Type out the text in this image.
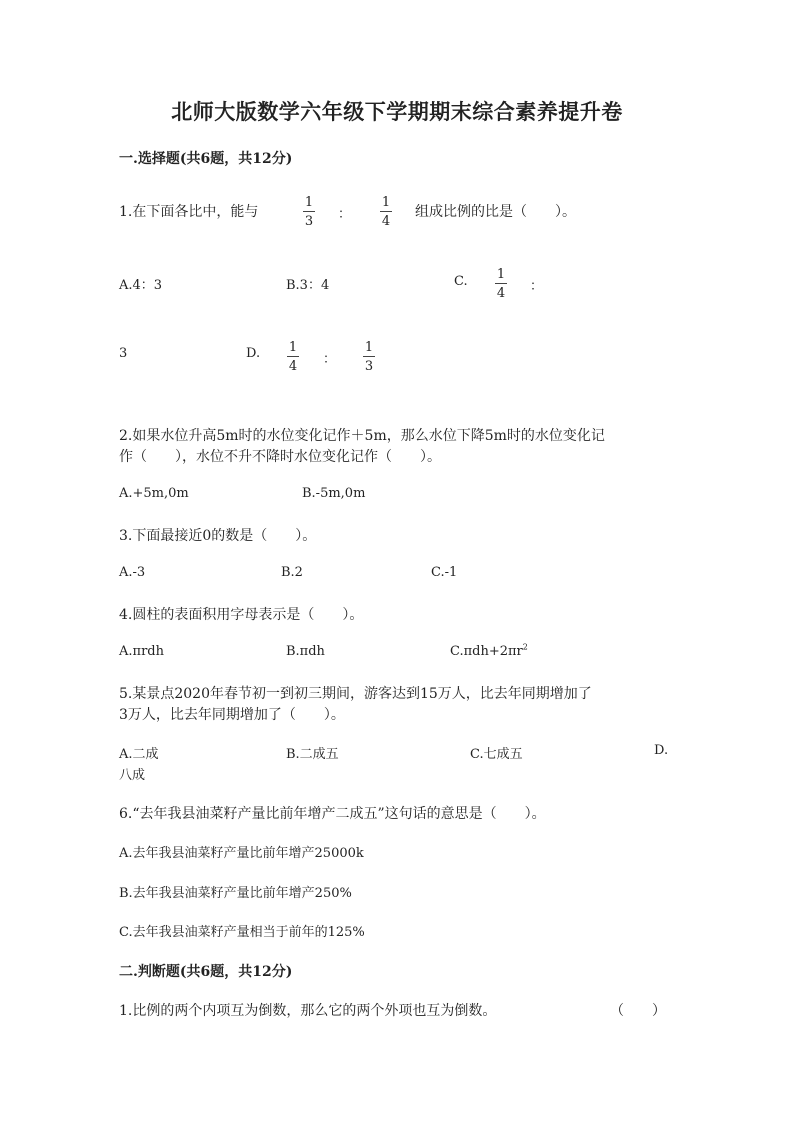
北师大版数学六年级下学期期末综合素养提升卷
一.选择题(共6题，共12分)
1.在下面各比中，能与
1
3 ：
1
4
组成比例的比是（　　）。
A.4：3	B.3：4	C. 1
4 ：
3	D. 1
4 ：
1
3
2.如果水位升高5m时的水位变化记作＋5m，那么水位下降5m时的水位变化记
作（　　），水位不升不降时水位变化记作（　　）。
A.+5m,0m	B.-5m,0m
3.下面最接近0的数是（　　）。
A.-3	B.2	C.-1
4.圆柱的表面积用字母表示是（　　）。
A.πrdh	B.πdh	$C.\pi dh+2\pi r^2$
5.某景点2020年春节初一到初三期间，游客达到15万人，比去年同期增加了
3万人，比去年同期增加了（　　）。
A.二成	B.二成五	C.七成五	D.
八成
6.“去年我县油菜籽产量比前年增产二成五”这句话的意思是（　　）。
A.去年我县油菜籽产量比前年增产25000k
B.去年我县油菜籽产量比前年增产250%
C.去年我县油菜籽产量相当于前年的125%
二.判断题(共6题，共12分)
1.比例的两个内项互为倒数，那么它的两个外项也互为倒数。	（　　）
